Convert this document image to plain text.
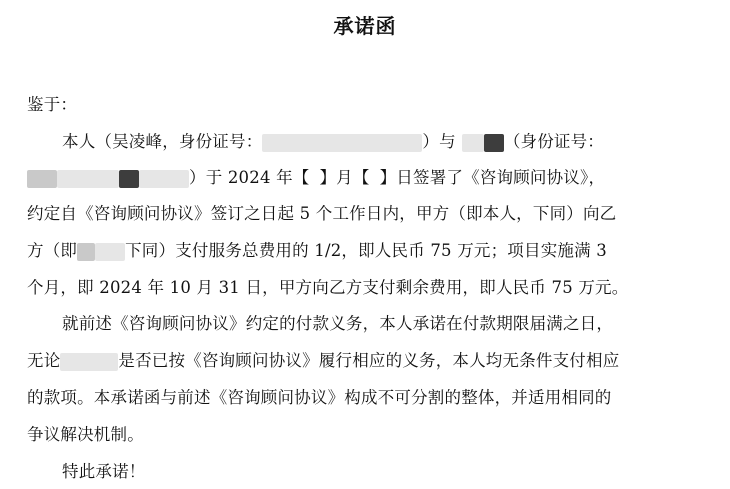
承诺函
鉴于：
本人（吴凌峰，身份证号：	）与	（身份证号：
）于 2024 年【 】月【 】日签署了《咨询顾问协议》，
约定自《咨询顾问协议》签订之日起 5 个工作日内，甲方（即本人，下同）向乙
方（即	下同）支付服务总费用的 1/2，即人民币 75 万元；项目实施满 3
个月，即 2024 年 10 月 31 日，甲方向乙方支付剩余费用，即人民币 75 万元。
就前述《咨询顾问协议》约定的付款义务，本人承诺在付款期限届满之日，
无论	是否已按《咨询顾问协议》履行相应的义务，本人均无条件支付相应
的款项。本承诺函与前述《咨询顾问协议》构成不可分割的整体，并适用相同的
争议解决机制。
特此承诺！
